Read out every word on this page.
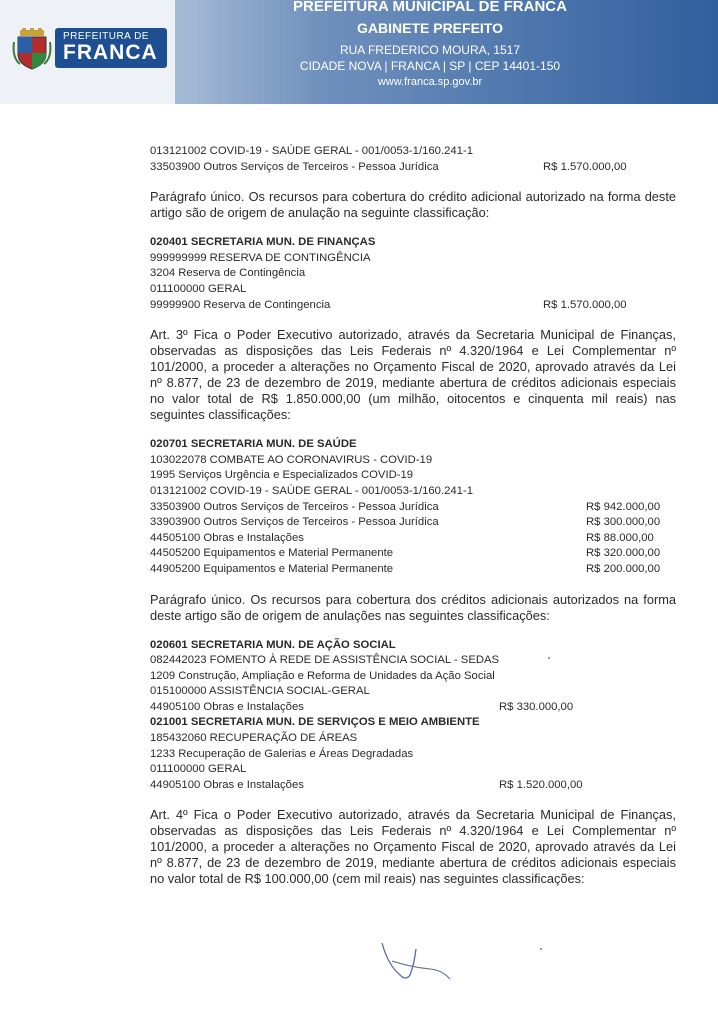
PREFEITURA DE
FRANCA
PREFEITURA MUNICIPAL DE FRANCA
GABINETE PREFEITO
RUA FREDERICO MOURA, 1517
CIDADE NOVA | FRANCA | SP | CEP 14401-150
www.franca.sp.gov.br
013121002 COVID-19 - SAÚDE GERAL - 001/0053-1/160.241-1
33503900 Outros Serviços de Terceiros - Pessoa Jurídica	R$ 1.570.000,00
Parágrafo único. Os recursos para cobertura do crédito adicional autorizado na forma deste artigo são de origem de anulação na seguinte classificação:
020401 SECRETARIA MUN. DE FINANÇAS
999999999 RESERVA DE CONTINGÊNCIA
3204 Reserva de Contingência
011100000 GERAL
99999900 Reserva de Contingencia	R$ 1.570.000,00
Art. 3º Fica o Poder Executivo autorizado, através da Secretaria Municipal de Finanças, observadas as disposições das Leis Federais nº 4.320/1964 e Lei Complementar nº 101/2000, a proceder a alterações no Orçamento Fiscal de 2020, aprovado através da Lei nº 8.877, de 23 de dezembro de 2019, mediante abertura de créditos adicionais especiais no valor total de R$ 1.850.000,00 (um milhão, oitocentos e cinquenta mil reais) nas seguintes classificações:
020701 SECRETARIA MUN. DE SAÚDE
103022078 COMBATE AO CORONAVIRUS - COVID-19
1995 Serviços Urgência e Especializados COVID-19
013121002 COVID-19 - SAÚDE GERAL - 001/0053-1/160.241-1
33503900 Outros Serviços de Terceiros - Pessoa Jurídica	R$ 942.000,00
33903900 Outros Serviços de Terceiros - Pessoa Jurídica	R$ 300.000,00
44505100 Obras e Instalações	R$ 88.000,00
44505200 Equipamentos e Material Permanente	R$ 320.000,00
44905200 Equipamentos e Material Permanente	R$ 200.000,00
Parágrafo único. Os recursos para cobertura dos créditos adicionais autorizados na forma deste artigo são de origem de anulações nas seguintes classificações:
020601 SECRETARIA MUN. DE AÇÃO SOCIAL
082442023 FOMENTO À REDE DE ASSISTÊNCIA SOCIAL - SEDAS
1209 Construção, Ampliação e Reforma de Unidades da Ação Social
015100000 ASSISTÊNCIA SOCIAL-GERAL
44905100 Obras e Instalações	R$ 330.000,00
021001 SECRETARIA MUN. DE SERVIÇOS E MEIO AMBIENTE
185432060 RECUPERAÇÃO DE ÁREAS
1233 Recuperação de Galerias e Áreas Degradadas
011100000 GERAL
44905100 Obras e Instalações	R$ 1.520.000,00
Art. 4º Fica o Poder Executivo autorizado, através da Secretaria Municipal de Finanças, observadas as disposições das Leis Federais nº 4.320/1964 e Lei Complementar nº 101/2000, a proceder a alterações no Orçamento Fiscal de 2020, aprovado através da Lei nº 8.877, de 23 de dezembro de 2019, mediante abertura de créditos adicionais especiais no valor total de R$ 100.000,00 (cem mil reais) nas seguintes classificações:
